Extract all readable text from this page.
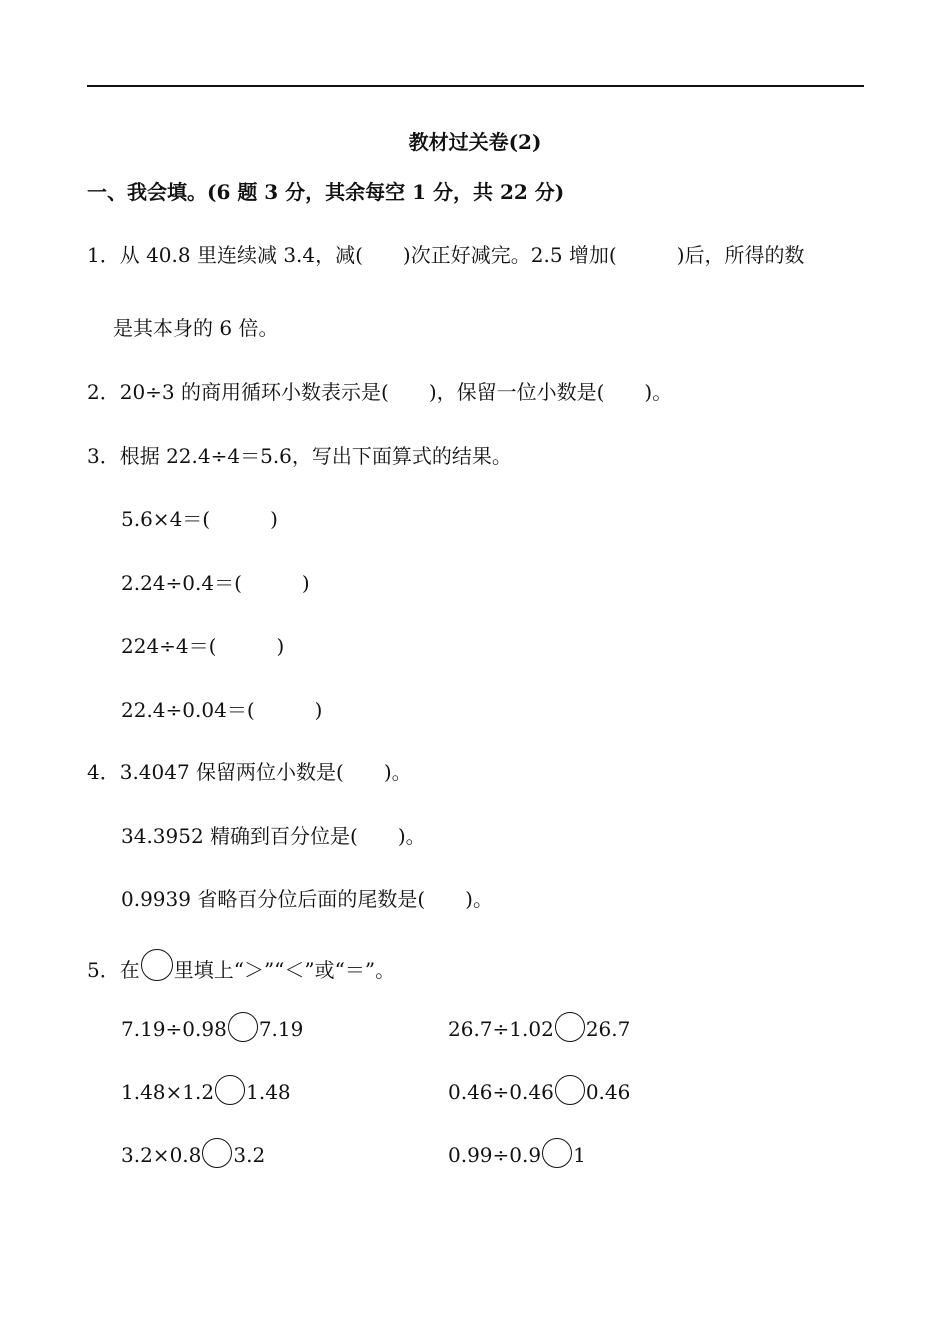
教材过关卷(2)
一、我会填。(6 题 3 分，其余每空 1 分，共 22 分)
1．从 40.8 里连续减 3.4，减(　　)次正好减完。2.5 增加(　　　)后，所得的数
是其本身的 6 倍。
2．20÷3 的商用循环小数表示是(　　)，保留一位小数是(　　)。
3．根据 22.4÷4＝5.6，写出下面算式的结果。
5.6×4＝(　　　)
2.24÷0.4＝(　　　)
224÷4＝(　　　)
22.4÷0.04＝(　　　)
4．3.4047 保留两位小数是(　　)。
34.3952 精确到百分位是(　　)。
0.9939 省略百分位后面的尾数是(　　)。
5．在 里填上“＞”“＜”或“＝”。
7.19÷0.98 7.19	26.7÷1.02 26.7
1.48×1.2 1.48	0.46÷0.46 0.46
3.2×0.8 3.2	0.99÷0.9 1
